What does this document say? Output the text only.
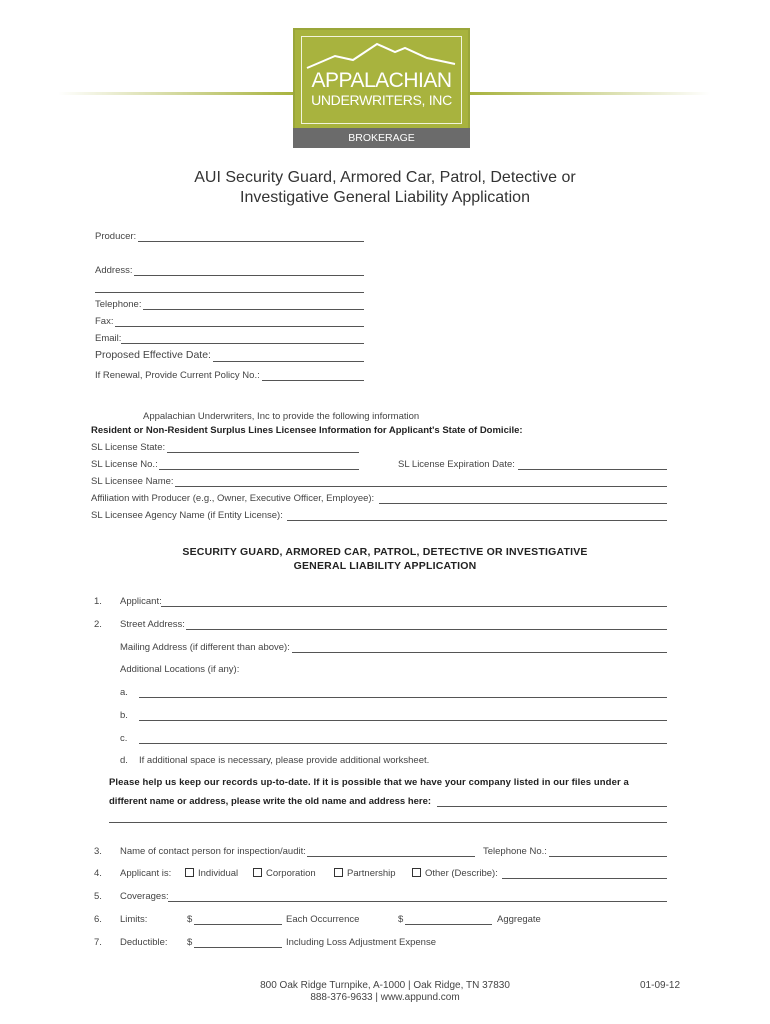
APPALACHIAN
UNDERWRITERS, INC
BROKERAGE
AUI Security Guard, Armored Car, Patrol, Detective or
Investigative General Liability Application
Producer:
Address:
Telephone:
Fax:
Email:
Proposed Effective Date:
If Renewal, Provide Current Policy No.:
Appalachian Underwriters, Inc to provide the following information
Resident or Non-Resident Surplus Lines Licensee Information for Applicant's State of Domicile:
SL License State:
SL License No.:	SL License Expiration Date:
SL Licensee Name:
Affiliation with Producer (e.g., Owner, Executive Officer, Employee):
SL Licensee Agency Name (if Entity License):
SECURITY GUARD, ARMORED CAR, PATROL, DETECTIVE OR INVESTIGATIVE
GENERAL LIABILITY APPLICATION
1. Applicant:
2. Street Address:
Mailing Address (if different than above):
Additional Locations (if any):
a.
b.
c.
d. If additional space is necessary, please provide additional worksheet.
Please help us keep our records up-to-date. If it is possible that we have your company listed in our files under a
different name or address, please write the old name and address here:
3. Name of contact person for inspection/audit:	Telephone No.:
4. Applicant is:	Individual	Corporation	Partnership	Other (Describe):
5. Coverages:
6. Limits:	$	Each Occurrence	$	Aggregate
7. Deductible: $	Including Loss Adjustment Expense
800 Oak Ridge Turnpike, A-1000 | Oak Ridge, TN 37830
888-376-9633 | www.appund.com
01-09-12
